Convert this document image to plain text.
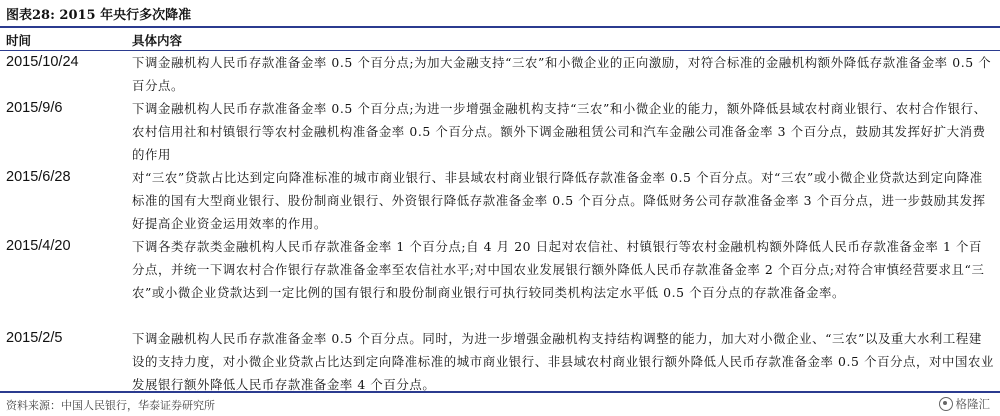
图表28: 2015 年央行多次降准
时间	具体内容
2015/10/24	下调金融机构人民币存款准备金率 0.5 个百分点;为加大金融支持“三农”和小微企业的正向激励，对符合标准的金融机构额外降低存款准备金率 0.5 个百分点。
2015/9/6	下调金融机构人民币存款准备金率 0.5 个百分点;为进一步增强金融机构支持“三农”和小微企业的能力，额外降低县域农村商业银行、农村合作银行、农村信用社和村镇银行等农村金融机构准备金率 0.5 个百分点。额外下调金融租赁公司和汽车金融公司准备金率 3 个百分点，鼓励其发挥好扩大消费的作用
2015/6/28	对“三农”贷款占比达到定向降准标准的城市商业银行、非县域农村商业银行降低存款准备金率 0.5 个百分点。对“三农”或小微企业贷款达到定向降准标准的国有大型商业银行、股份制商业银行、外资银行降低存款准备金率 0.5 个百分点。降低财务公司存款准备金率 3 个百分点，进一步鼓励其发挥好提高企业资金运用效率的作用。
2015/4/20	下调各类存款类金融机构人民币存款准备金率 1 个百分点;自 4 月 20 日起对农信社、村镇银行等农村金融机构额外降低人民币存款准备金率 1 个百分点，并统一下调农村合作银行存款准备金率至农信社水平;对中国农业发展银行额外降低人民币存款准备金率 2 个百分点;对符合审慎经营要求且“三农”或小微企业贷款达到一定比例的国有银行和股份制商业银行可执行较同类机构法定水平低 0.5 个百分点的存款准备金率。
2015/2/5	下调金融机构人民币存款准备金率 0.5 个百分点。同时，为进一步增强金融机构支持结构调整的能力，加大对小微企业、“三农”以及重大水利工程建设的支持力度，对小微企业贷款占比达到定向降准标准的城市商业银行、非县域农村商业银行额外降低人民币存款准备金率 0.5 个百分点，对中国农业发展银行额外降低人民币存款准备金率 4 个百分点。
资料来源：中国人民银行，华泰证券研究所	格隆汇
